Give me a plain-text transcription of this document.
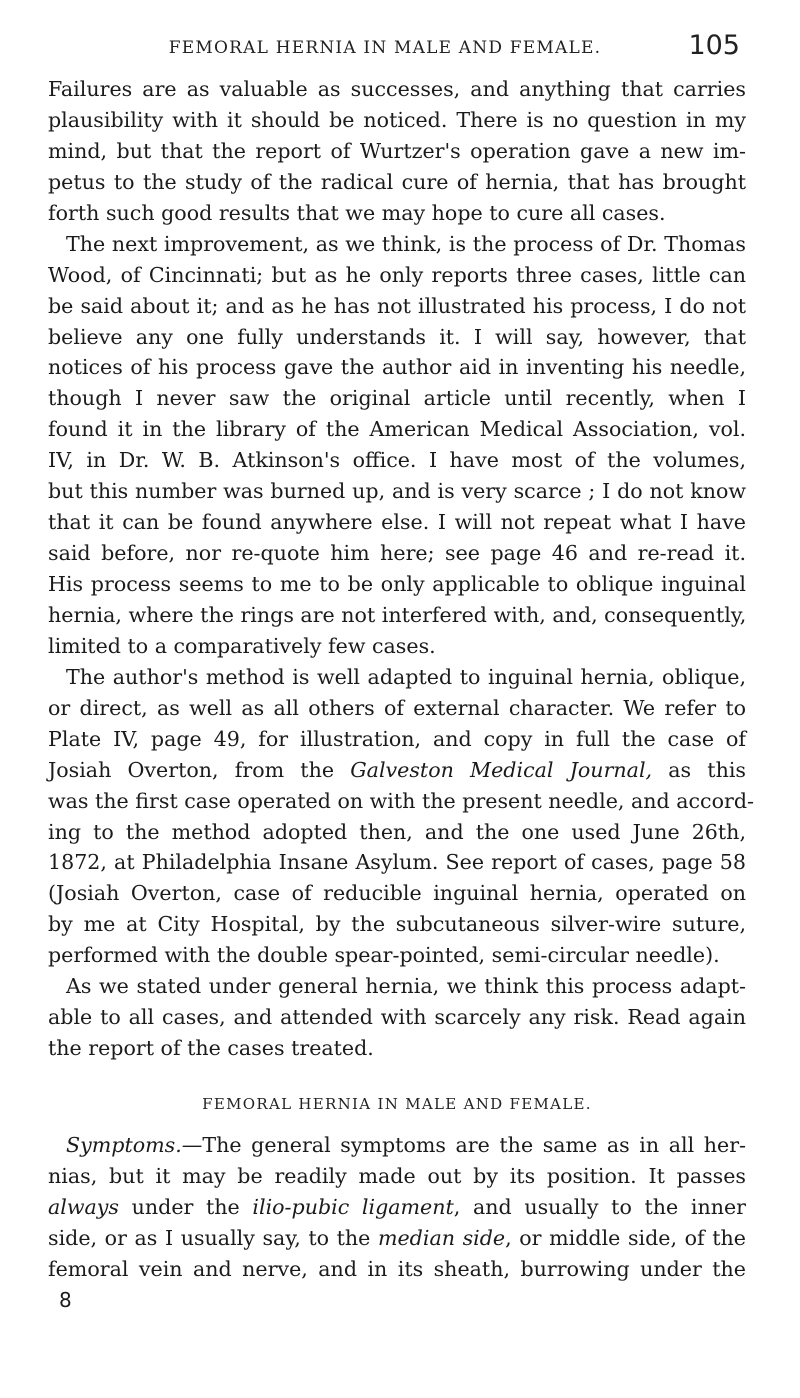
FEMORAL HERNIA IN MALE AND FEMALE.	105
Failures are as valuable as successes, and anything that carries
plausibility with it should be noticed. There is no question in my
mind, but that the report of Wurtzer's operation gave a new im-
petus to the study of the radical cure of hernia, that has brought
forth such good results that we may hope to cure all cases.
The next improvement, as we think, is the process of Dr. Thomas
Wood, of Cincinnati; but as he only reports three cases, little can
be said about it; and as he has not illustrated his process, I do not
believe any one fully understands it. I will say, however, that
notices of his process gave the author aid in inventing his needle,
though I never saw the original article until recently, when I
found it in the library of the American Medical Association, vol.
IV, in Dr. W. B. Atkinson's office. I have most of the volumes,
but this number was burned up, and is very scarce ; I do not know
that it can be found anywhere else. I will not repeat what I have
said before, nor re-quote him here; see page 46 and re-read it.
His process seems to me to be only applicable to oblique inguinal
hernia, where the rings are not interfered with, and, consequently,
limited to a comparatively few cases.
The author's method is well adapted to inguinal hernia, oblique,
or direct, as well as all others of external character. We refer to
Plate IV, page 49, for illustration, and copy in full the case of
Josiah Overton, from the Galveston Medical Journal, as this
was the first case operated on with the present needle, and accord-
ing to the method adopted then, and the one used June 26th,
1872, at Philadelphia Insane Asylum. See report of cases, page 58
(Josiah Overton, case of reducible inguinal hernia, operated on
by me at City Hospital, by the subcutaneous silver-wire suture,
performed with the double spear-pointed, semi-circular needle).
As we stated under general hernia, we think this process adapt-
able to all cases, and attended with scarcely any risk. Read again
the report of the cases treated.
FEMORAL HERNIA IN MALE AND FEMALE.
Symptoms.—The general symptoms are the same as in all her-
nias, but it may be readily made out by its position. It passes
always under the ilio-pubic ligament, and usually to the inner
side, or as I usually say, to the median side, or middle side, of the
femoral vein and nerve, and in its sheath, burrowing under the
8
